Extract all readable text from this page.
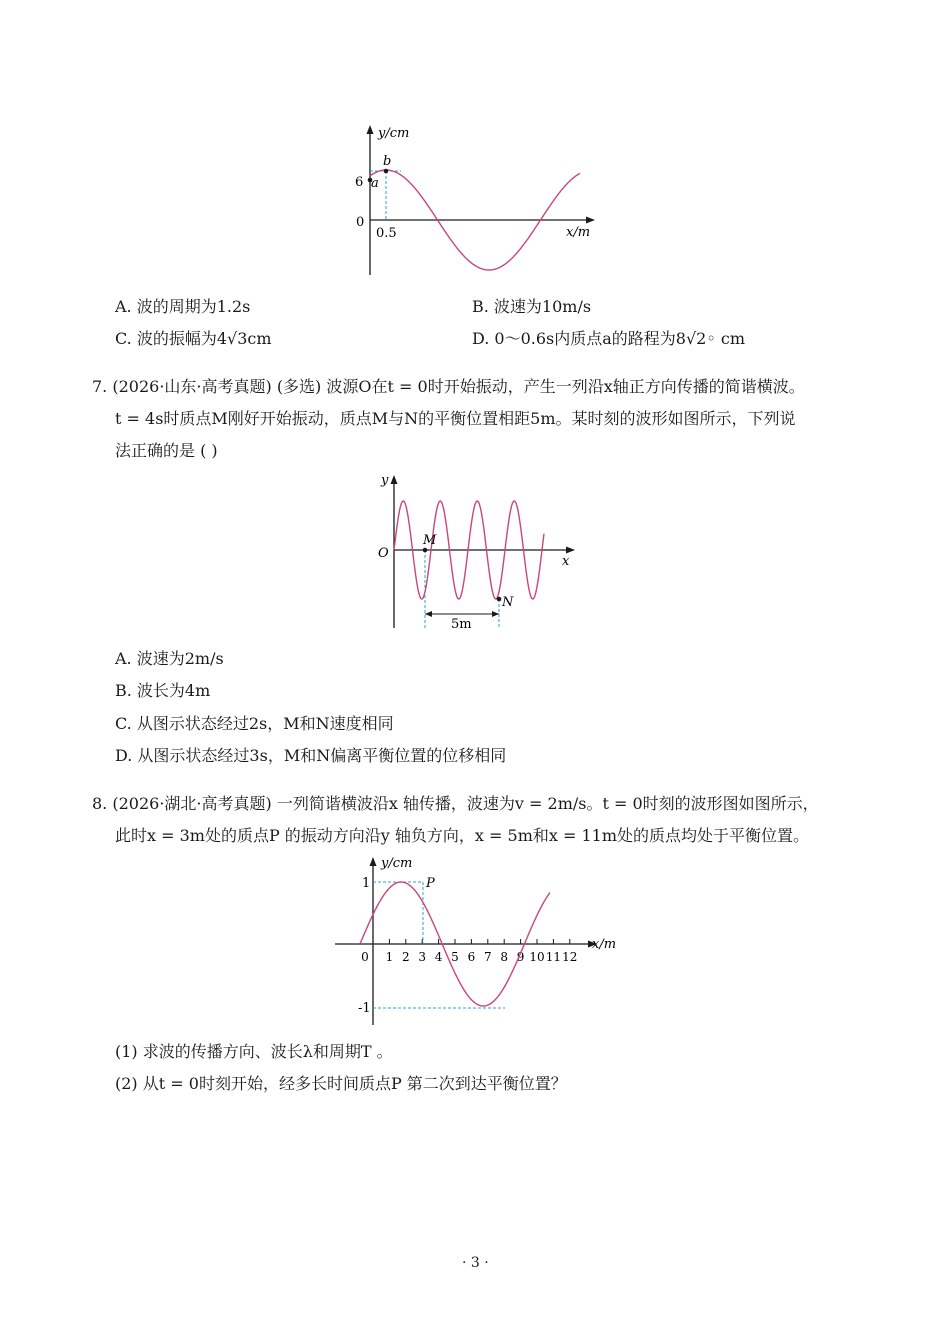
y/cm
x/m
6
0
0.5
a
b
A. 波的周期为1.2s	B. 波速为10m/s
C. 波的振幅为4√3cm	D. 0～0.6s内质点a的路程为8√2◦ cm
7. (2026·山东·高考真题) (多选) 波源O在t = 0时开始振动，产生一列沿x轴正方向传播的简谐横波。
t = 4s时质点M刚好开始振动，质点M与N的平衡位置相距5m。某时刻的波形如图所示，下列说
法正确的是 ( )
y
x
O
M
N
5m
A. 波速为2m/s
B. 波长为4m
C. 从图示状态经过2s，M和N速度相同
D. 从图示状态经过3s，M和N偏离平衡位置的位移相同
8. (2026·湖北·高考真题) 一列简谐横波沿x 轴传播，波速为v = 2m/s。t = 0时刻的波形图如图所示，
此时x = 3m处的质点P 的振动方向沿y 轴负方向，x = 5m和x = 11m处的质点均处于平衡位置。
0 1 2 3 4 5 6 7 8 9 10 11 12
y/cm
x/m
1
-1
P
(1) 求波的传播方向、波长λ和周期T 。
(2) 从t = 0时刻开始，经多长时间质点P 第二次到达平衡位置？
· 3 ·
